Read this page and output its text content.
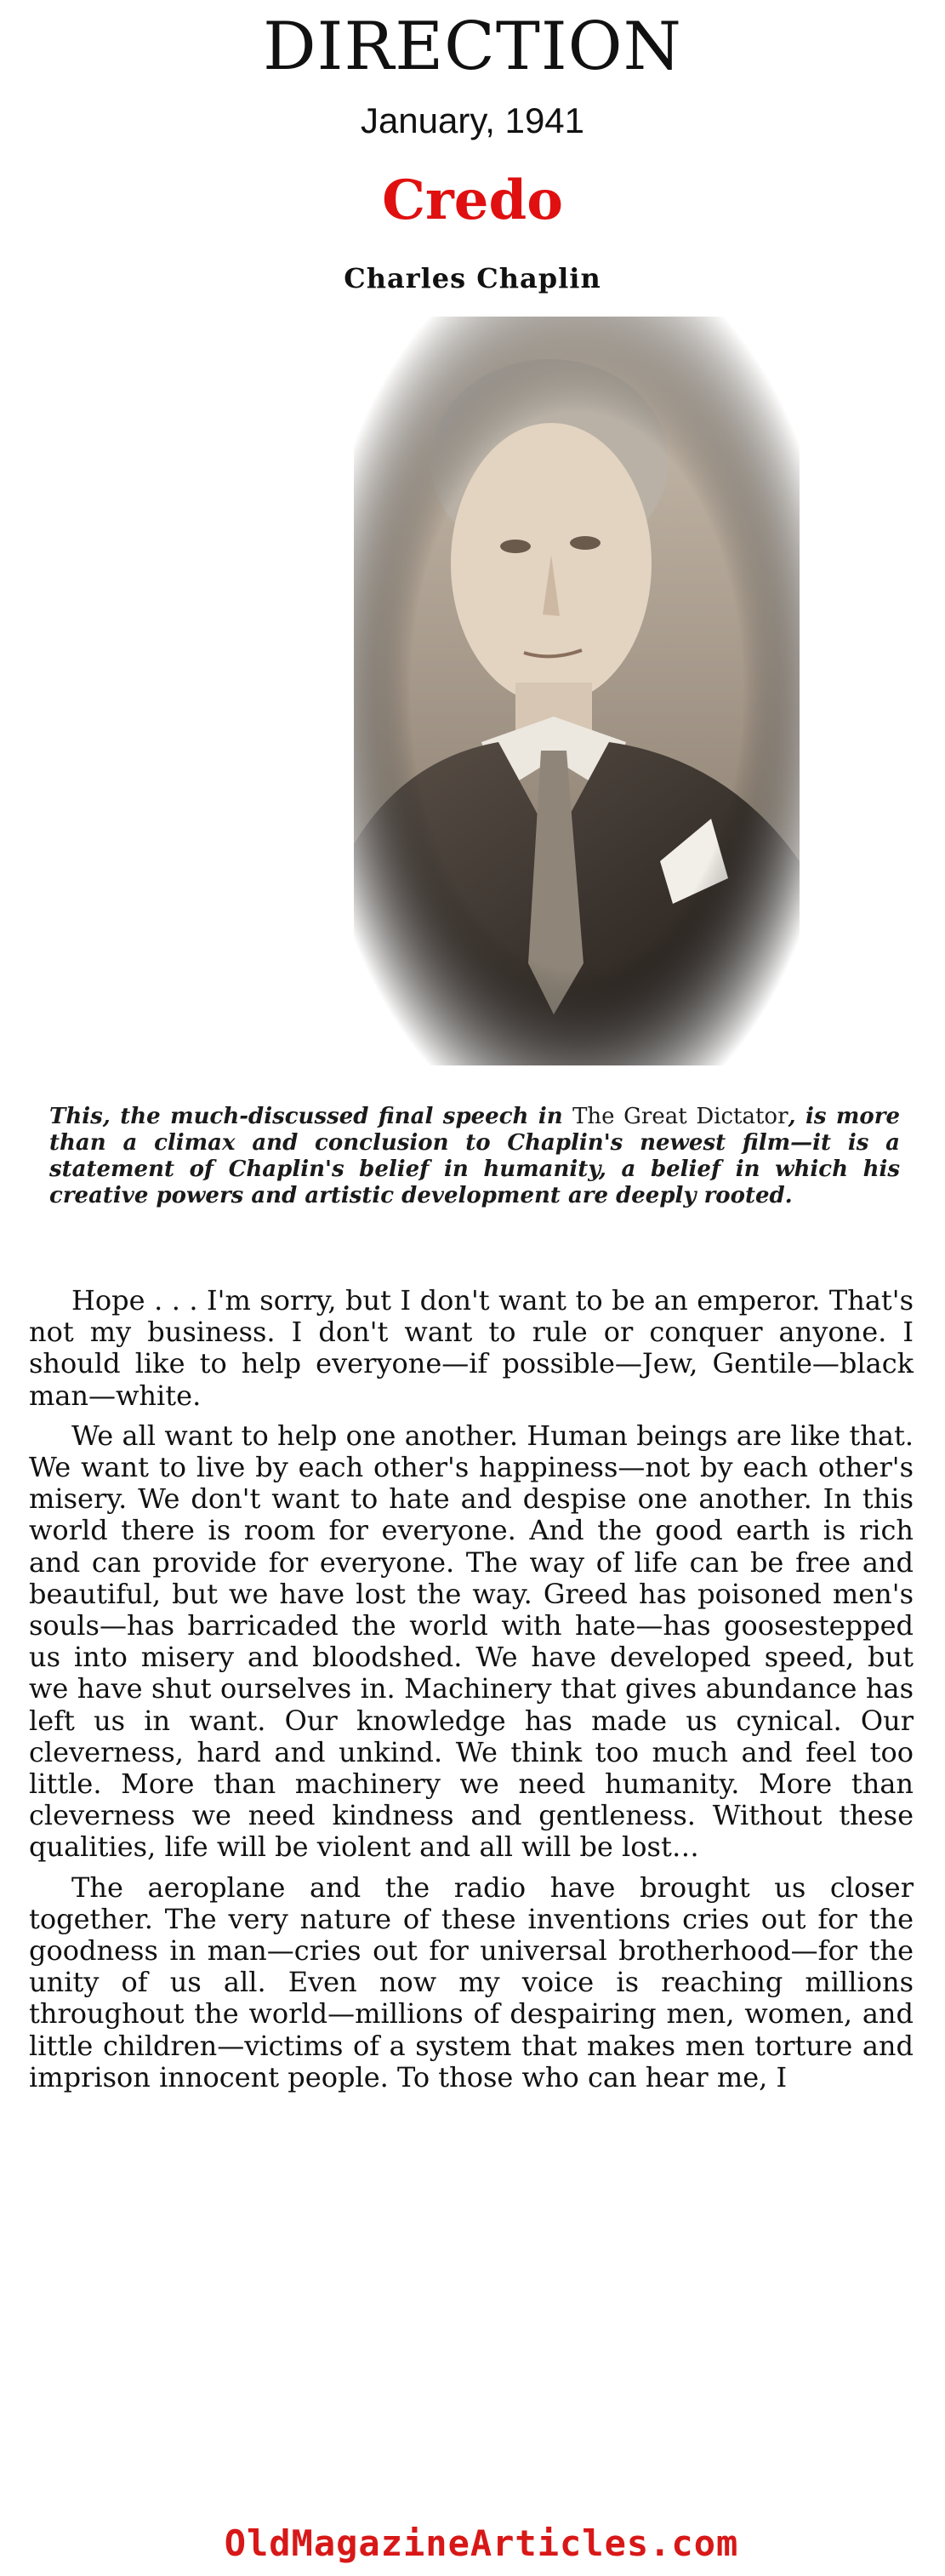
DIRECTION
January, 1941
Credo
Charles Chaplin
This, the much-discussed final speech in The Great Dictator, is more than a climax and conclusion to Chaplin's newest film—it is a statement of Chaplin's belief in humanity, a belief in which his creative powers and artistic development are deeply rooted.

Hope . . . I'm sorry, but I don't want to be an emperor. That's not my business. I don't want to rule or conquer anyone. I should like to help everyone—if possible—Jew, Gentile—black man—white.

We all want to help one another. Human beings are like that. We want to live by each other's happiness—not by each other's misery. We don't want to hate and despise one another. In this world there is room for everyone. And the good earth is rich and can provide for everyone. The way of life can be free and beautiful, but we have lost the way. Greed has poisoned men's souls—has barricaded the world with hate—has goosestepped us into misery and bloodshed. We have developed speed, but we have shut ourselves in. Machinery that gives abundance has left us in want. Our knowledge has made us cynical. Our cleverness, hard and unkind. We think too much and feel too little. More than machinery we need humanity. More than cleverness we need kindness and gentleness. Without these qualities, life will be violent and all will be lost…

The aeroplane and the radio have brought us closer together. The very nature of these inventions cries out for the goodness in man—cries out for universal brotherhood—for the unity of us all. Even now my voice is reaching millions throughout the world—millions of despairing men, women, and little children—victims of a system that makes men torture and imprison innocent people. To those who can hear me, I

OldMagazineArticles.com
